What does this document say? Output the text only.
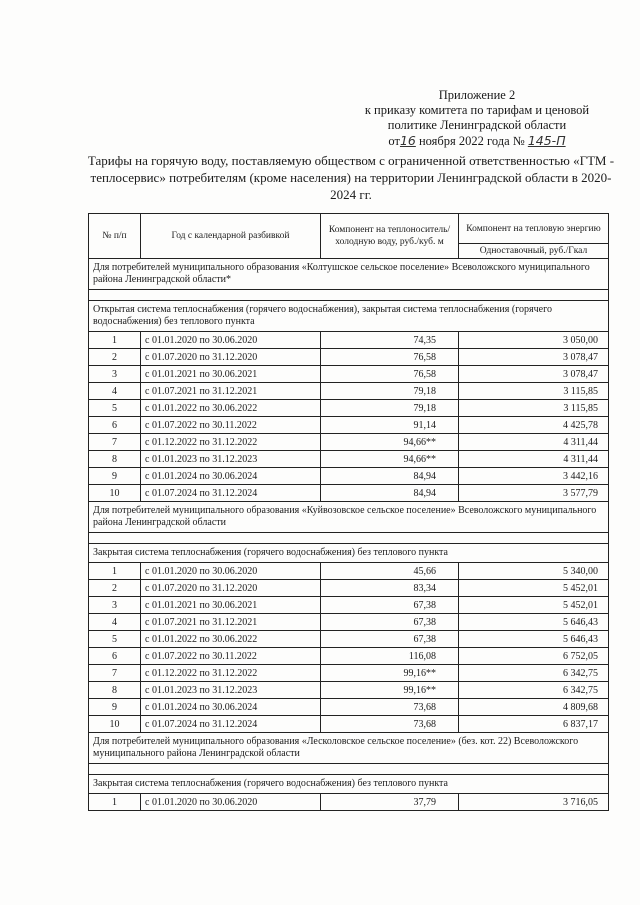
Приложение 2
к приказу комитета по тарифам и ценовой
политике Ленинградской области
от16 ноября 2022 года № 145-П
Тарифы на горячую воду, поставляемую обществом с ограниченной ответственностью «ГТМ - теплосервис» потребителям (кроме населения) на территории Ленинградской области в 2020-2024 гг.
№ п/п	Год с календарной разбивкой	Компонент на теплоноситель/ холодную воду, руб./куб. м	Компонент на тепловую энергию
			Одноставочный, руб./Гкал
Для потребителей муниципального образования «Колтушское сельское поселение» Всеволожского муниципального района Ленинградской области*			

Открытая система теплоснабжения (горячего водоснабжения), закрытая система теплоснабжения (горячего водоснабжения) без теплового пункта			
1	с 01.01.2020 по 30.06.2020	74,35	3 050,00
2	с 01.07.2020 по 31.12.2020	76,58	3 078,47
3	с 01.01.2021 по 30.06.2021	76,58	3 078,47
4	с 01.07.2021 по 31.12.2021	79,18	3 115,85
5	с 01.01.2022 по 30.06.2022	79,18	3 115,85
6	с 01.07.2022 по 30.11.2022	91,14	4 425,78
7	с 01.12.2022 по 31.12.2022	94,66**	4 311,44
8	с 01.01.2023 по 31.12.2023	94,66**	4 311,44
9	с 01.01.2024 по 30.06.2024	84,94	3 442,16
10	с 01.07.2024 по 31.12.2024	84,94	3 577,79
Для потребителей муниципального образования «Куйвозовское сельское поселение» Всеволожского муниципального района Ленинградской области			

Закрытая система теплоснабжения (горячего водоснабжения) без теплового пункта			
1	с 01.01.2020 по 30.06.2020	45,66	5 340,00
2	с 01.07.2020 по 31.12.2020	83,34	5 452,01
3	с 01.01.2021 по 30.06.2021	67,38	5 452,01
4	с 01.07.2021 по 31.12.2021	67,38	5 646,43
5	с 01.01.2022 по 30.06.2022	67,38	5 646,43
6	с 01.07.2022 по 30.11.2022	116,08	6 752,05
7	с 01.12.2022 по 31.12.2022	99,16**	6 342,75
8	с 01.01.2023 по 31.12.2023	99,16**	6 342,75
9	с 01.01.2024 по 30.06.2024	73,68	4 809,68
10	с 01.07.2024 по 31.12.2024	73,68	6 837,17
Для потребителей муниципального образования «Лесколовское сельское поселение» (без. кот. 22) Всеволожского муниципального района Ленинградской области			

Закрытая система теплоснабжения (горячего водоснабжения) без теплового пункта			
1	с 01.01.2020 по 30.06.2020	37,79	3 716,05
